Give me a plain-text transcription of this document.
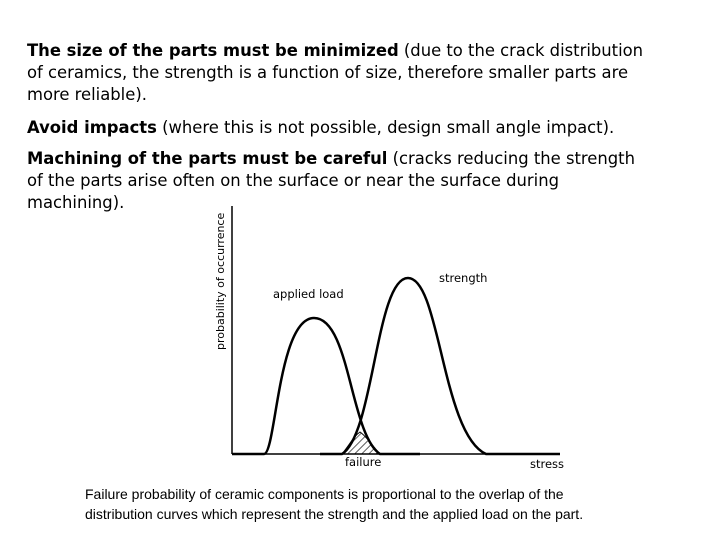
The size of the parts must be minimized (due to the crack distribution
of ceramics, the strength is a function of size, therefore smaller parts are
more reliable).

Avoid impacts (where this is not possible, design small angle impact).

Machining of the parts must be careful (cracks reducing the strength
of the parts arise often on the surface or near the surface during
machining).

probability of occurrence	applied load
strength
failure	stress
Failure probability of ceramic components is proportional to the overlap of the
distribution curves which represent the strength and the applied load on the part.
